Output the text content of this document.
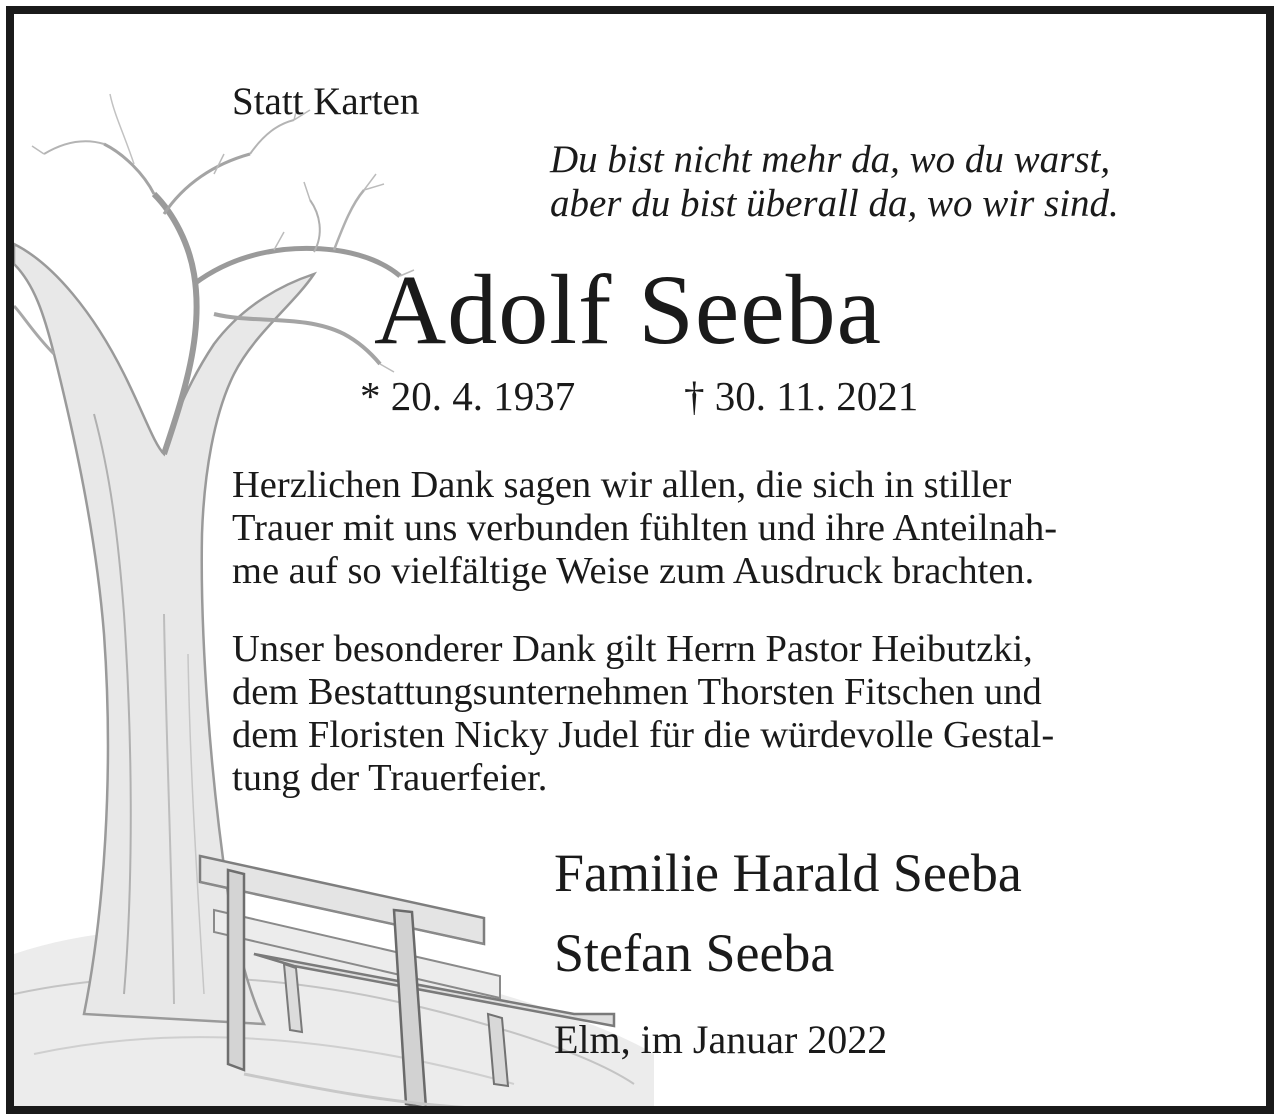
Statt Karten
Du bist nicht mehr da, wo du warst,
aber du bist überall da, wo wir sind.
Adolf Seeba
* 20. 4. 1937	† 30. 11. 2021
Herzlichen Dank sagen wir allen, die sich in stiller
Trauer mit uns verbunden fühlten und ihre Anteilnah-
me auf so vielfältige Weise zum Ausdruck brachten.
Unser besonderer Dank gilt Herrn Pastor Heibutzki,
dem Bestattungsunternehmen Thorsten Fitschen und
dem Floristen Nicky Judel für die würdevolle Gestal-
tung der Trauerfeier.
Familie Harald Seeba
Stefan Seeba
Elm, im Januar 2022
